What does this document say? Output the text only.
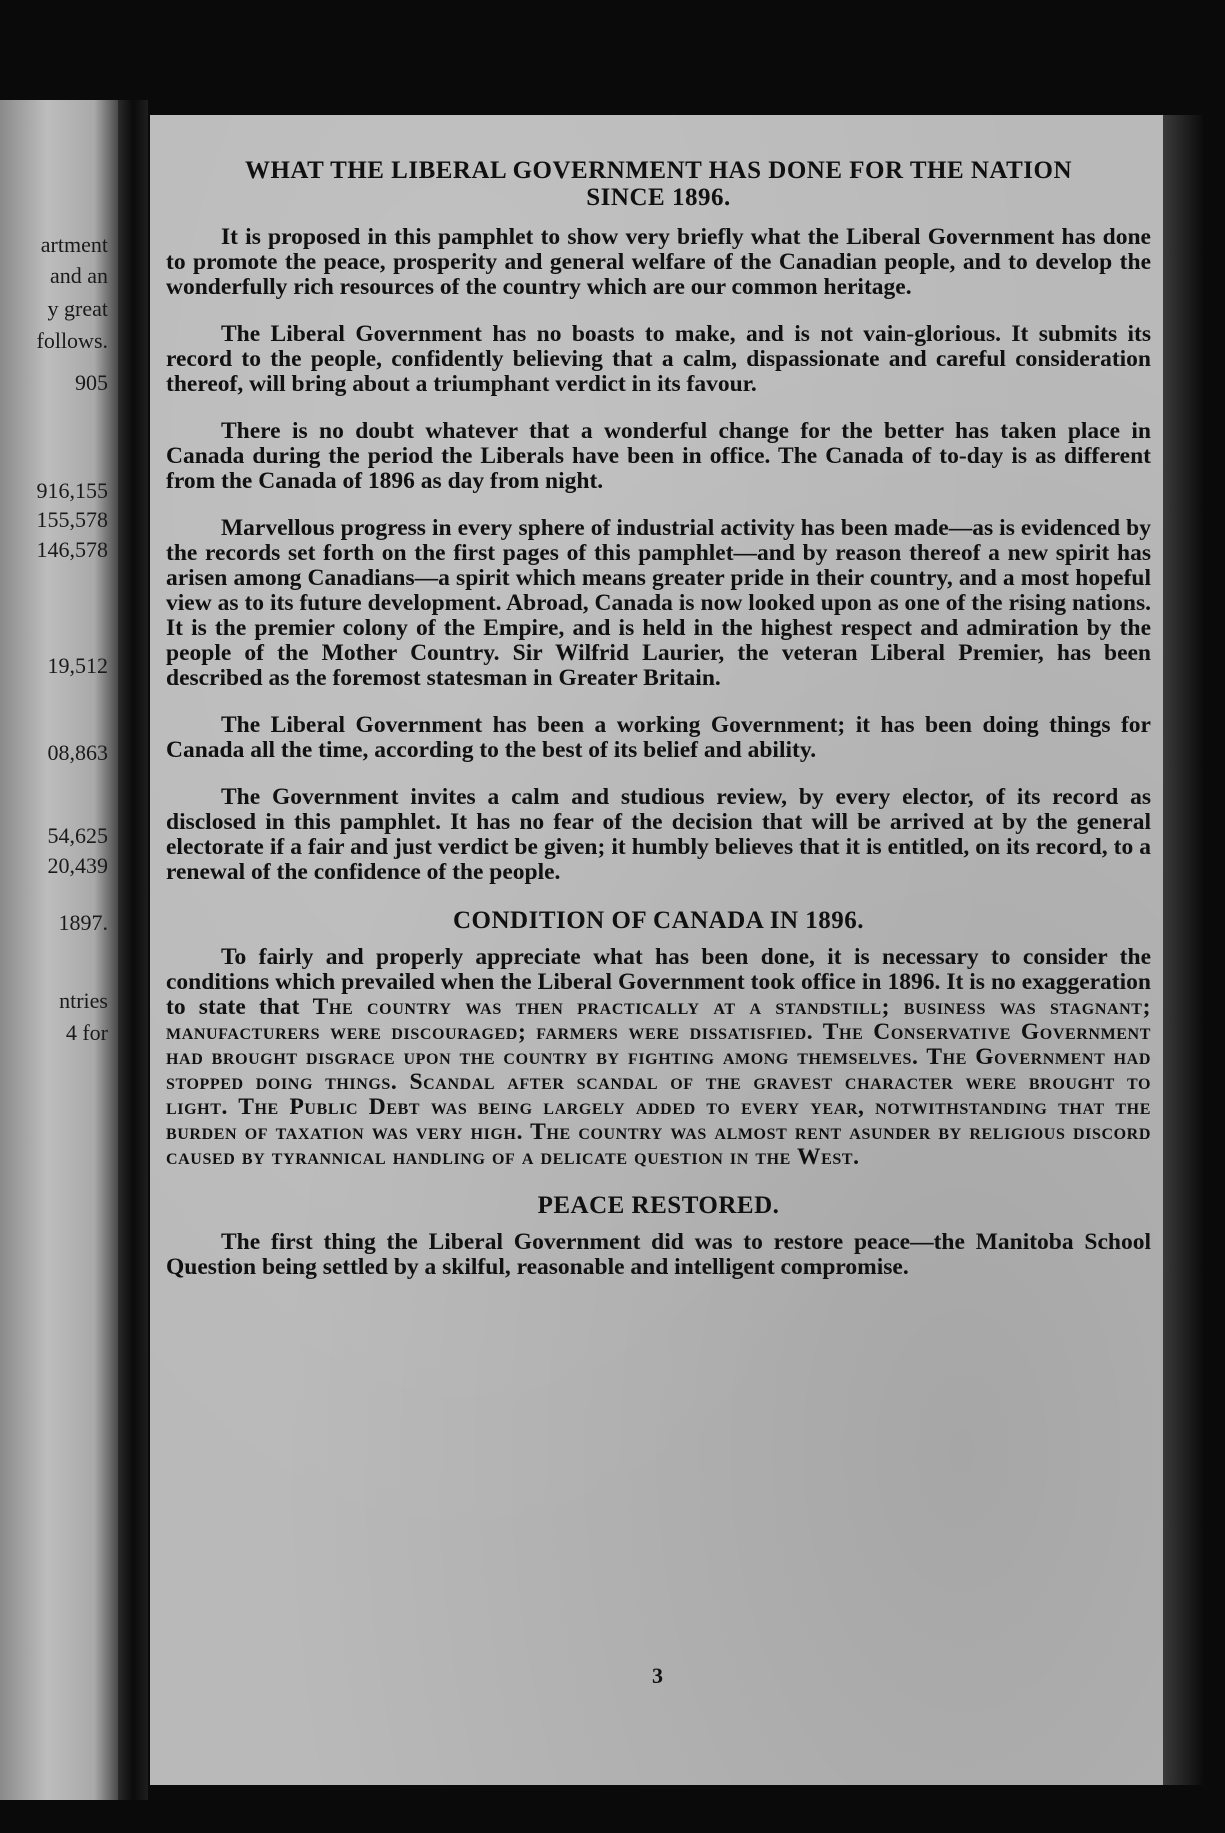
artment
and an
y great
follows.
905
916,155
155,578
146,578
19,512
08,863
54,625
20,439
1897.
ntries
4 for
WHAT THE LIBERAL GOVERNMENT HAS DONE FOR THE NATION SINCE 1896.

It is proposed in this pamphlet to show very briefly what the Liberal Government has done to promote the peace, prosperity and general welfare of the Canadian people, and to develop the wonderfully rich resources of the country which are our common heritage.

The Liberal Government has no boasts to make, and is not vain-glorious. It submits its record to the people, confidently believing that a calm, dispassionate and careful consideration thereof, will bring about a triumphant verdict in its favour.

There is no doubt whatever that a wonderful change for the better has taken place in Canada during the period the Liberals have been in office. The Canada of to-day is as different from the Canada of 1896 as day from night.

Marvellous progress in every sphere of industrial activity has been made—as is evidenced by the records set forth on the first pages of this pamphlet—and by reason thereof a new spirit has arisen among Canadians—a spirit which means greater pride in their country, and a most hopeful view as to its future development. Abroad, Canada is now looked upon as one of the rising nations. It is the premier colony of the Empire, and is held in the highest respect and admiration by the people of the Mother Country. Sir Wilfrid Laurier, the veteran Liberal Premier, has been described as the foremost statesman in Greater Britain.

The Liberal Government has been a working Government; it has been doing things for Canada all the time, according to the best of its belief and ability.

The Government invites a calm and studious review, by every elector, of its record as disclosed in this pamphlet. It has no fear of the decision that will be arrived at by the general electorate if a fair and just verdict be given; it humbly believes that it is entitled, on its record, to a renewal of the confidence of the people.

CONDITION OF CANADA IN 1896.

To fairly and properly appreciate what has been done, it is necessary to consider the conditions which prevailed when the Liberal Government took office in 1896. It is no exaggeration to state that The country was then practically at a standstill; business was stagnant; manufacturers were discouraged; farmers were dissatisfied. The Conservative Government had brought disgrace upon the country by fighting among themselves. The Government had stopped doing things. Scandal after scandal of the gravest character were brought to light. The Public Debt was being largely added to every year, notwithstanding that the burden of taxation was very high. The country was almost rent asunder by religious discord caused by tyrannical handling of a delicate question in the West.

PEACE RESTORED.

The first thing the Liberal Government did was to restore peace—the Manitoba School Question being settled by a skilful, reasonable and intelligent compromise.

3
